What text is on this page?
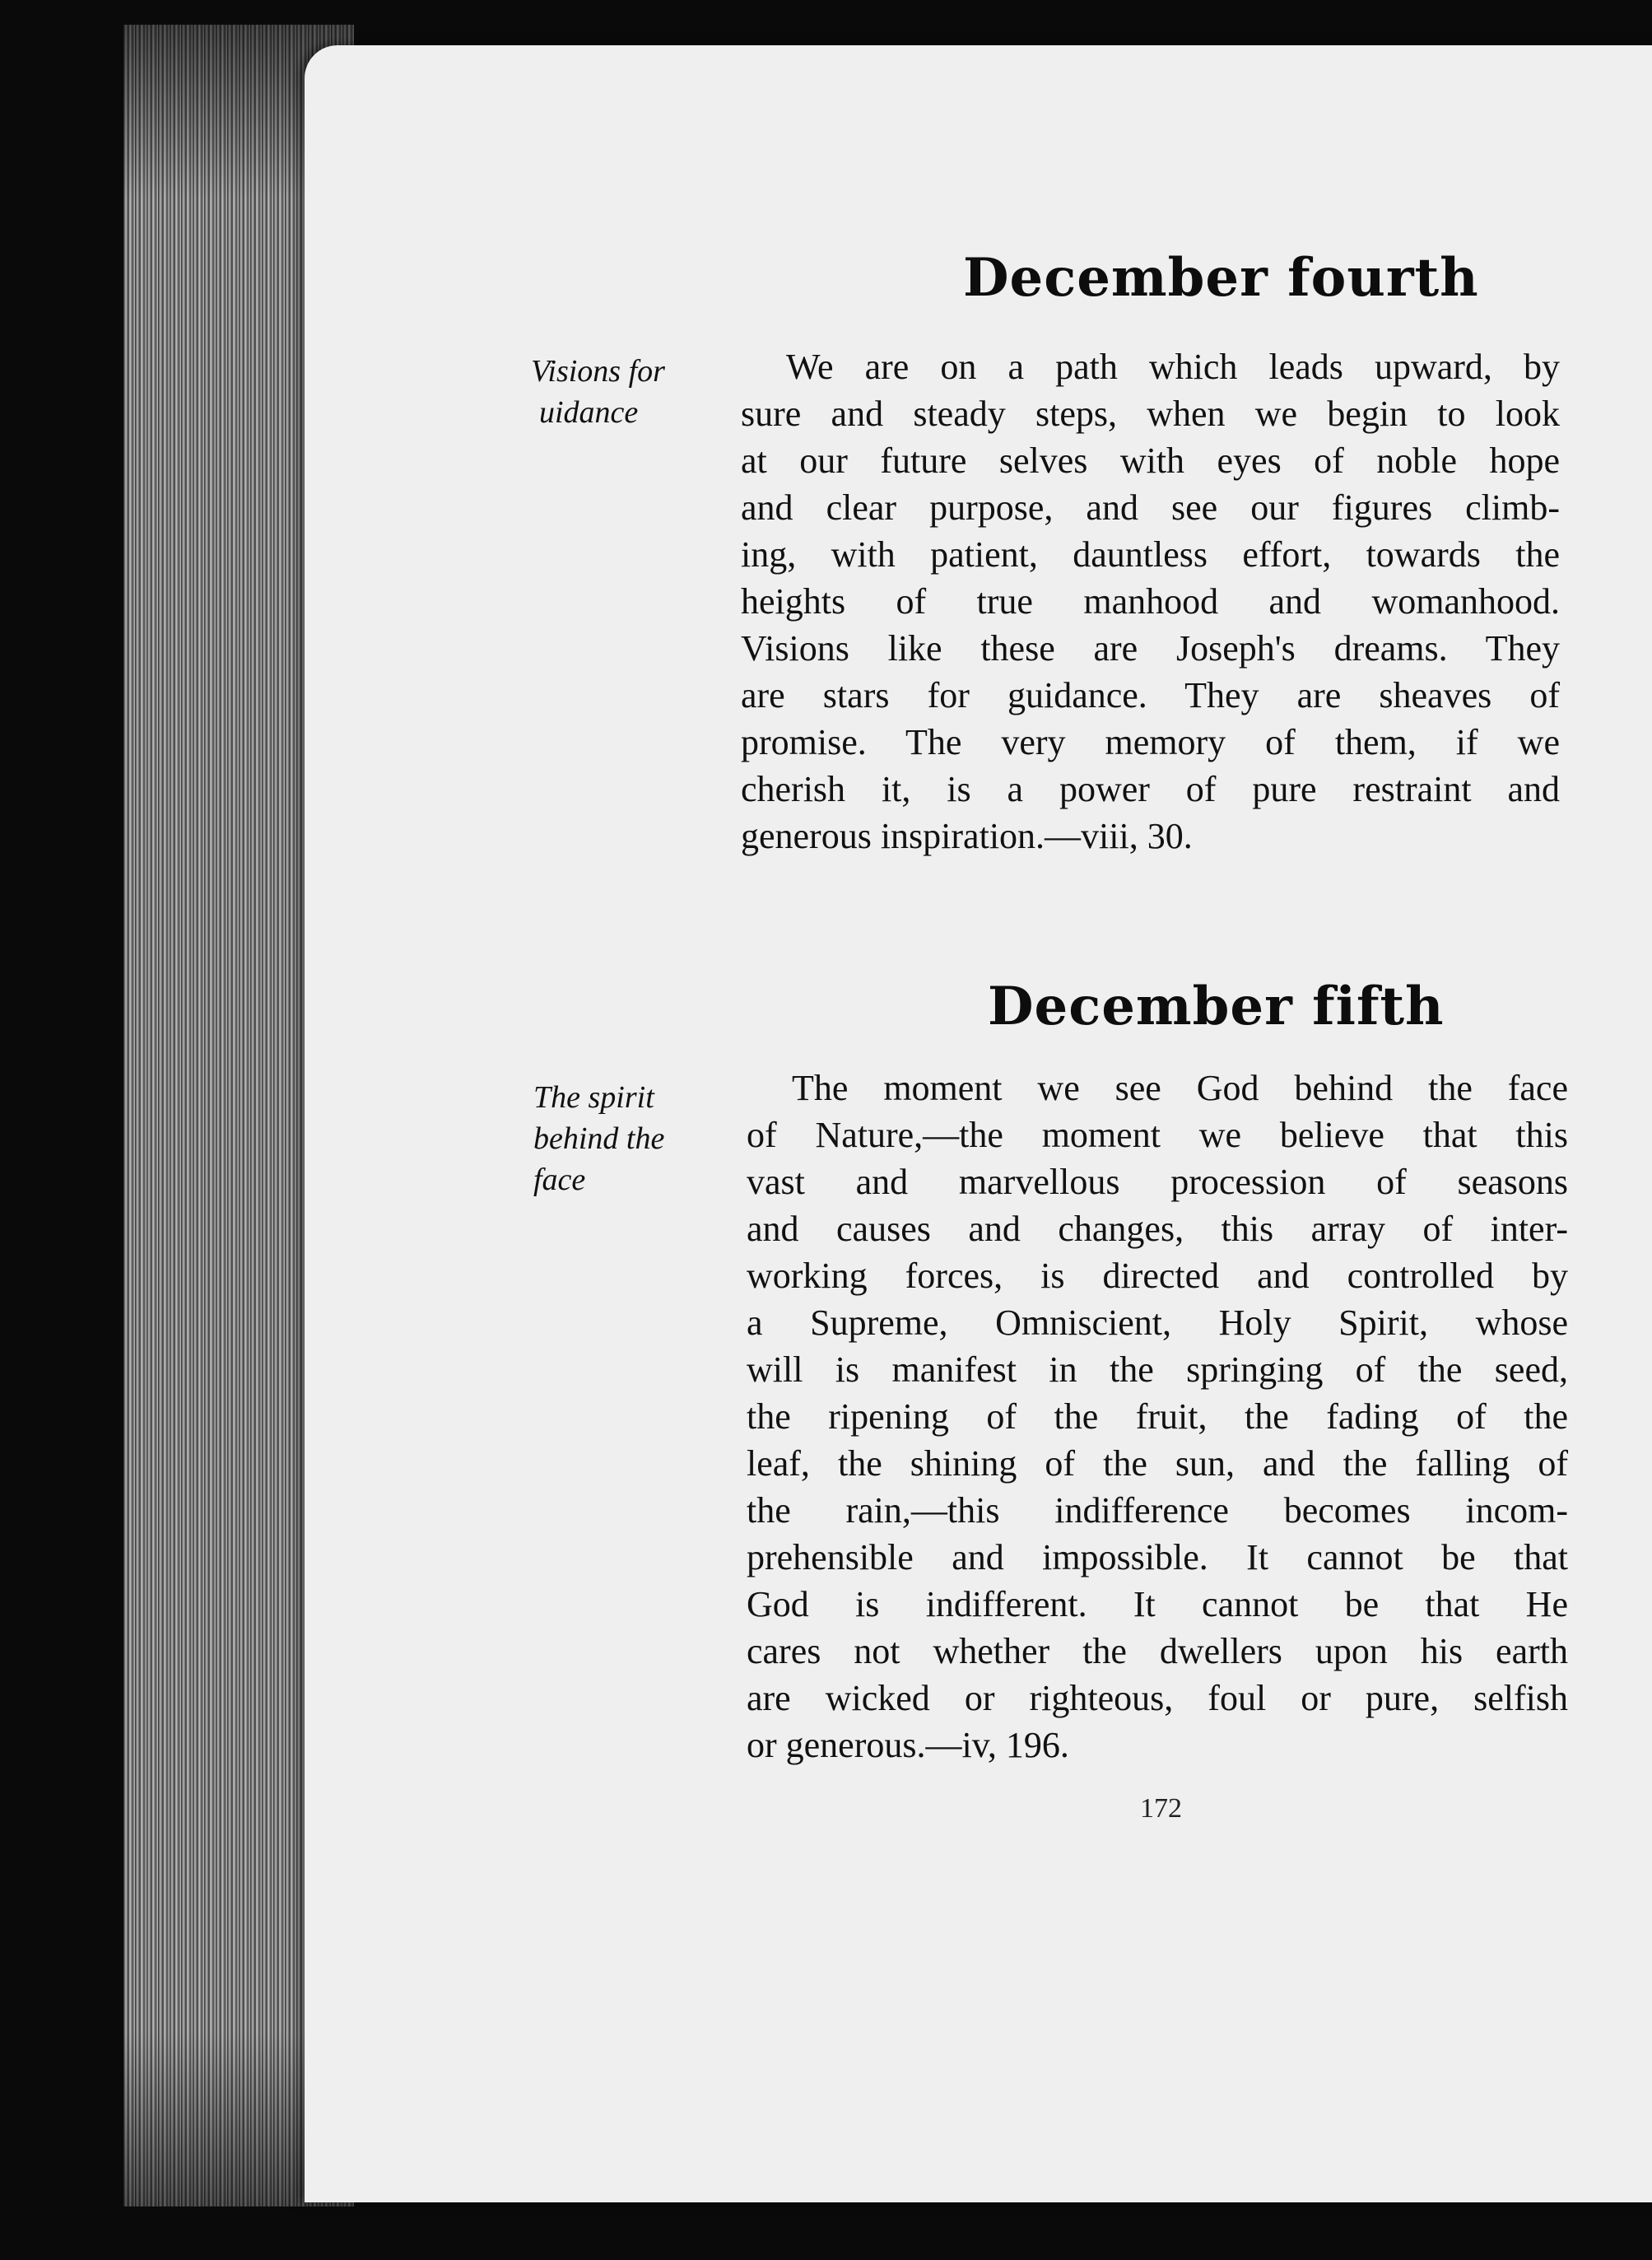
December fourth
Visions for
uidance
We are on a path which leads upward, by
sure and steady steps, when we begin to look
at our future selves with eyes of noble hope
and clear purpose, and see our figures climb-
ing, with patient, dauntless effort, towards the
heights of true manhood and womanhood.
Visions like these are Joseph's dreams. They
are stars for guidance. They are sheaves of
promise. The very memory of them, if we
cherish it, is a power of pure restraint and
generous inspiration.—viii, 30.
December fifth
The spirit
behind the
face
The moment we see God behind the face
of Nature,—the moment we believe that this
vast and marvellous procession of seasons
and causes and changes, this array of inter-
working forces, is directed and controlled by
a Supreme, Omniscient, Holy Spirit, whose
will is manifest in the springing of the seed,
the ripening of the fruit, the fading of the
leaf, the shining of the sun, and the falling of
the rain,—this indifference becomes incom-
prehensible and impossible. It cannot be that
God is indifferent. It cannot be that He
cares not whether the dwellers upon his earth
are wicked or righteous, foul or pure, selfish
or generous.—iv, 196.
172
